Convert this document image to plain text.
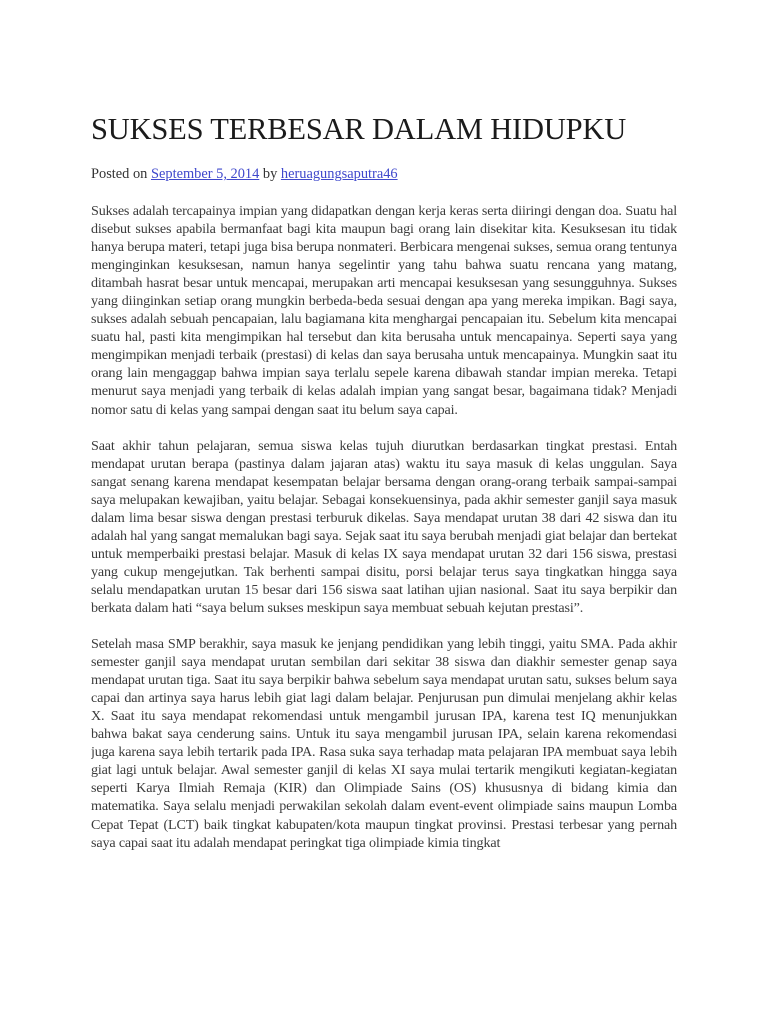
SUKSES TERBESAR DALAM HIDUPKU
Posted on September 5, 2014 by heruagungsaputra46

Sukses adalah tercapainya impian yang didapatkan dengan kerja keras serta diiringi dengan doa. Suatu hal disebut sukses apabila bermanfaat bagi kita maupun bagi orang lain disekitar kita. Kesuksesan itu tidak hanya berupa materi, tetapi juga bisa berupa nonmateri. Berbicara mengenai sukses, semua orang tentunya menginginkan kesuksesan, namun hanya segelintir yang tahu bahwa suatu rencana yang matang, ditambah hasrat besar untuk mencapai, merupakan arti mencapai kesuksesan yang sesungguhnya. Sukses yang diinginkan setiap orang mungkin berbeda-beda sesuai dengan apa yang mereka impikan. Bagi saya, sukses adalah sebuah pencapaian, lalu bagiamana kita menghargai pencapaian itu. Sebelum kita mencapai suatu hal, pasti kita mengimpikan hal tersebut dan kita berusaha untuk mencapainya. Seperti saya yang mengimpikan menjadi terbaik (prestasi) di kelas dan saya berusaha untuk mencapainya. Mungkin saat itu orang lain mengaggap bahwa impian saya terlalu sepele karena dibawah standar impian mereka. Tetapi menurut saya menjadi yang terbaik di kelas adalah impian yang sangat besar, bagaimana tidak? Menjadi nomor satu di kelas yang sampai dengan saat itu belum saya capai.

Saat akhir tahun pelajaran, semua siswa kelas tujuh diurutkan berdasarkan tingkat prestasi. Entah mendapat urutan berapa (pastinya dalam jajaran atas) waktu itu saya masuk di kelas unggulan. Saya sangat senang karena mendapat kesempatan belajar bersama dengan orang-orang terbaik sampai-sampai saya melupakan kewajiban, yaitu belajar. Sebagai konsekuensinya, pada akhir semester ganjil saya masuk dalam lima besar siswa dengan prestasi terburuk dikelas. Saya mendapat urutan 38 dari 42 siswa dan itu adalah hal yang sangat memalukan bagi saya. Sejak saat itu saya berubah menjadi giat belajar dan bertekat untuk memperbaiki prestasi belajar. Masuk di kelas IX saya mendapat urutan 32 dari 156 siswa, prestasi yang cukup mengejutkan. Tak berhenti sampai disitu, porsi belajar terus saya tingkatkan hingga saya selalu mendapatkan urutan 15 besar dari 156 siswa saat latihan ujian nasional. Saat itu saya berpikir dan berkata dalam hati “saya belum sukses meskipun saya membuat sebuah kejutan prestasi”.

Setelah masa SMP berakhir, saya masuk ke jenjang pendidikan yang lebih tinggi, yaitu SMA. Pada akhir semester ganjil saya mendapat urutan sembilan dari sekitar 38 siswa dan diakhir semester genap saya mendapat urutan tiga. Saat itu saya berpikir bahwa sebelum saya mendapat urutan satu, sukses belum saya capai dan artinya saya harus lebih giat lagi dalam belajar. Penjurusan pun dimulai menjelang akhir kelas X. Saat itu saya mendapat rekomendasi untuk mengambil jurusan IPA, karena test IQ menunjukkan bahwa bakat saya cenderung sains. Untuk itu saya mengambil jurusan IPA, selain karena rekomendasi juga karena saya lebih tertarik pada IPA. Rasa suka saya terhadap mata pelajaran IPA membuat saya lebih giat lagi untuk belajar. Awal semester ganjil di kelas XI saya mulai tertarik mengikuti kegiatan-kegiatan seperti Karya Ilmiah Remaja (KIR) dan Olimpiade Sains (OS) khususnya di bidang kimia dan matematika. Saya selalu menjadi perwakilan sekolah dalam event-event olimpiade sains maupun Lomba Cepat Tepat (LCT) baik tingkat kabupaten/kota maupun tingkat provinsi. Prestasi terbesar yang pernah saya capai saat itu adalah mendapat peringkat tiga olimpiade kimia tingkat
